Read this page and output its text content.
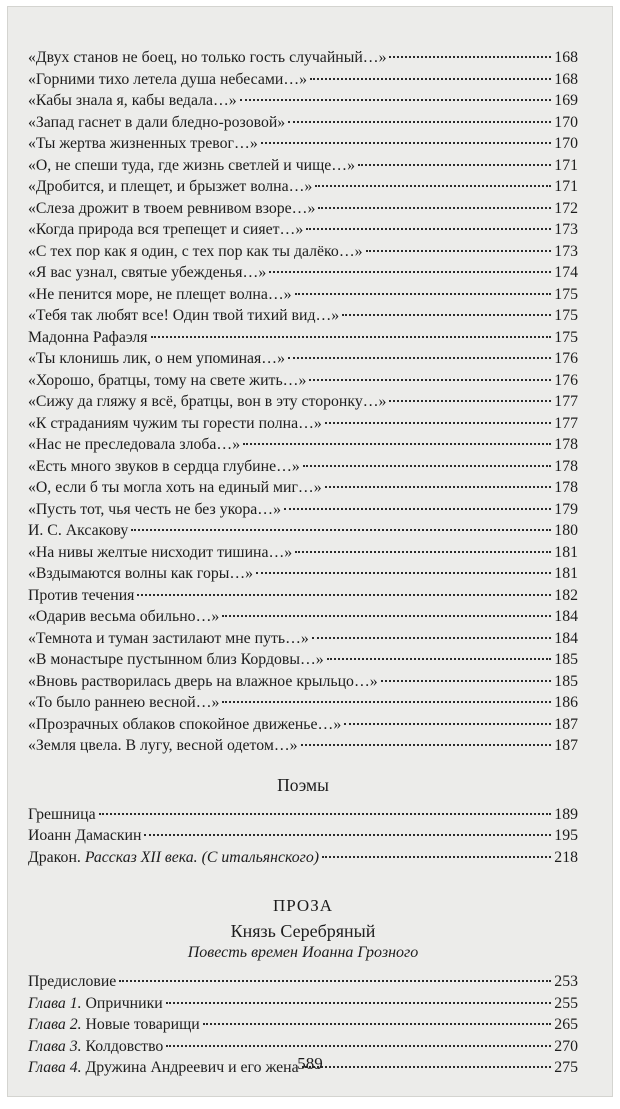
«Двух станов не боец, но только гость случайный…»	168
«Горними тихо летела душа небесами…»	168
«Кабы знала я, кабы ведала…»	169
«Запад гаснет в дали бледно-розовой»	170
«Ты жертва жизненных тревог…»	170
«О, не спеши туда, где жизнь светлей и чище…»	171
«Дробится, и плещет, и брызжет волна…»	171
«Слеза дрожит в твоем ревнивом взоре…»	172
«Когда природа вся трепещет и сияет…»	173
«С тех пор как я один, с тех пор как ты далёко…»	173
«Я вас узнал, святые убежденья…»	174
«Не пенится море, не плещет волна…»	175
«Тебя так любят все! Один твой тихий вид…»	175
Мадонна Рафаэля	175
«Ты клонишь лик, о нем упоминая…»	176
«Хорошо, братцы, тому на свете жить…»	176
«Сижу да гляжу я всё, братцы, вон в эту сторонку…»	177
«К страданиям чужим ты горести полна…»	177
«Нас не преследовала злоба…»	178
«Есть много звуков в сердца глубине…»	178
«О, если б ты могла хоть на единый миг…»	178
«Пусть тот, чья честь не без укора…»	179
И. С. Аксакову	180
«На нивы желтые нисходит тишина…»	181
«Вздымаются волны как горы…»	181
Против течения	182
«Одарив весьма обильно…»	184
«Темнота и туман застилают мне путь…»	184
«В монастыре пустынном близ Кордовы…»	185
«Вновь растворилась дверь на влажное крыльцо…»	185
«То было раннею весной…»	186
«Прозрачных облаков спокойное движенье…»	187
«Земля цвела. В лугу, весной одетом…»	187
Поэмы
Грешница	189
Иоанн Дамаскин	195
Дракон. Рассказ XII века. (С итальянского)	218
ПРОЗА
Князь Серебряный
Повесть времен Иоанна Грозного
Предисловие	253
Глава 1. Опричники	255
Глава 2. Новые товарищи	265
Глава 3. Колдовство	270
Глава 4. Дружина Андреевич и его жена	275
589
